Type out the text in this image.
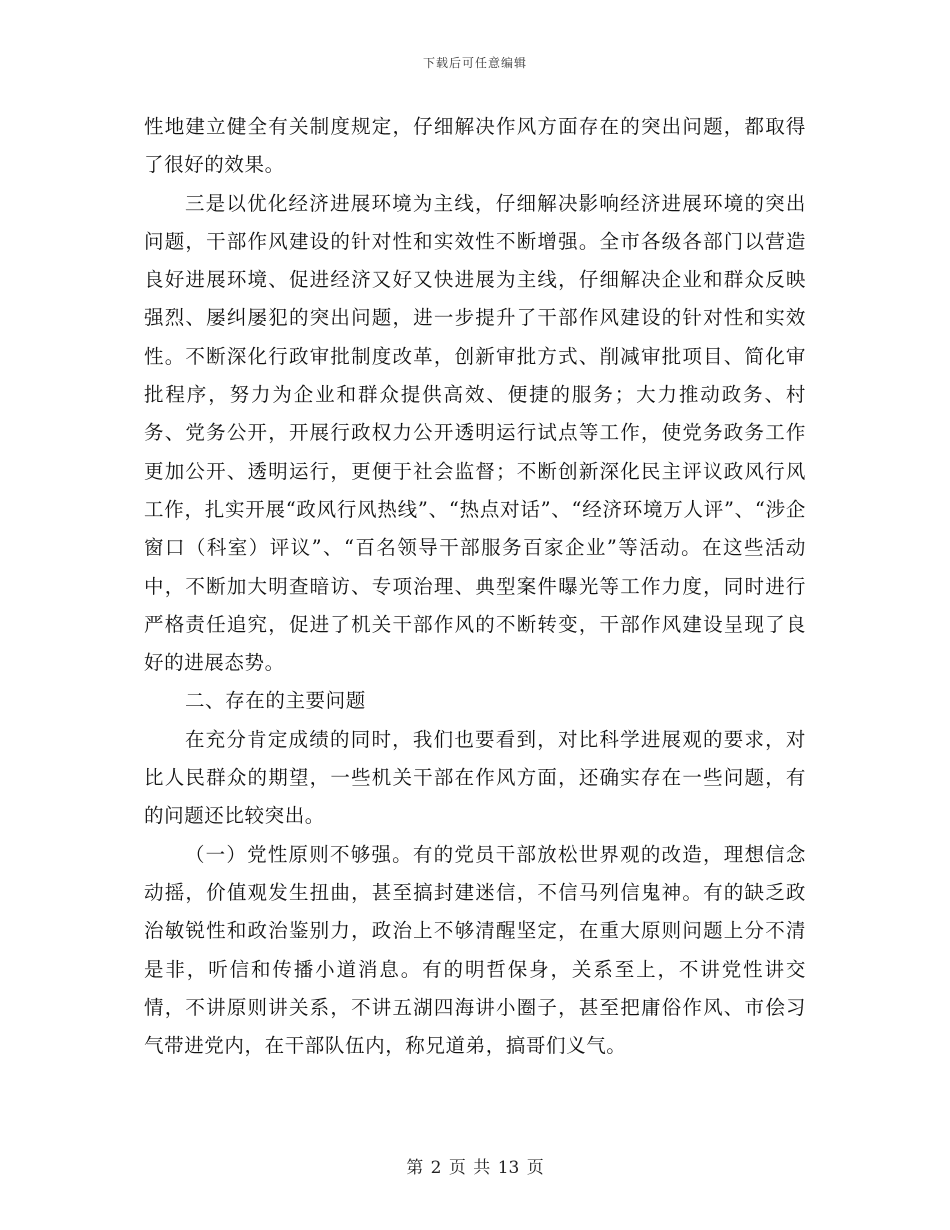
下载后可任意编辑

性地建立健全有关制度规定，仔细解决作风方面存在的突出问题，都取得了很好的效果。

三是以优化经济进展环境为主线，仔细解决影响经济进展环境的突出问题，干部作风建设的针对性和实效性不断增强。全市各级各部门以营造良好进展环境、促进经济又好又快进展为主线，仔细解决企业和群众反映强烈、屡纠屡犯的突出问题，进一步提升了干部作风建设的针对性和实效性。不断深化行政审批制度改革，创新审批方式、削减审批项目、简化审批程序，努力为企业和群众提供高效、便捷的服务；大力推动政务、村务、党务公开，开展行政权力公开透明运行试点等工作，使党务政务工作更加公开、透明运行，更便于社会监督；不断创新深化民主评议政风行风工作，扎实开展“政风行风热线”、“热点对话”、“经济环境万人评”、“涉企窗口（科室）评议”、“百名领导干部服务百家企业”等活动。在这些活动中，不断加大明查暗访、专项治理、典型案件曝光等工作力度，同时进行严格责任追究，促进了机关干部作风的不断转变，干部作风建设呈现了良好的进展态势。

二、存在的主要问题

在充分肯定成绩的同时，我们也要看到，对比科学进展观的要求，对比人民群众的期望，一些机关干部在作风方面，还确实存在一些问题，有的问题还比较突出。

（一）党性原则不够强。有的党员干部放松世界观的改造，理想信念动摇，价值观发生扭曲，甚至搞封建迷信，不信马列信鬼神。有的缺乏政治敏锐性和政治鉴别力，政治上不够清醒坚定，在重大原则问题上分不清是非，听信和传播小道消息。有的明哲保身，关系至上，不讲党性讲交情，不讲原则讲关系，不讲五湖四海讲小圈子，甚至把庸俗作风、市侩习气带进党内，在干部队伍内，称兄道弟，搞哥们义气。

第 2 页 共 13 页
